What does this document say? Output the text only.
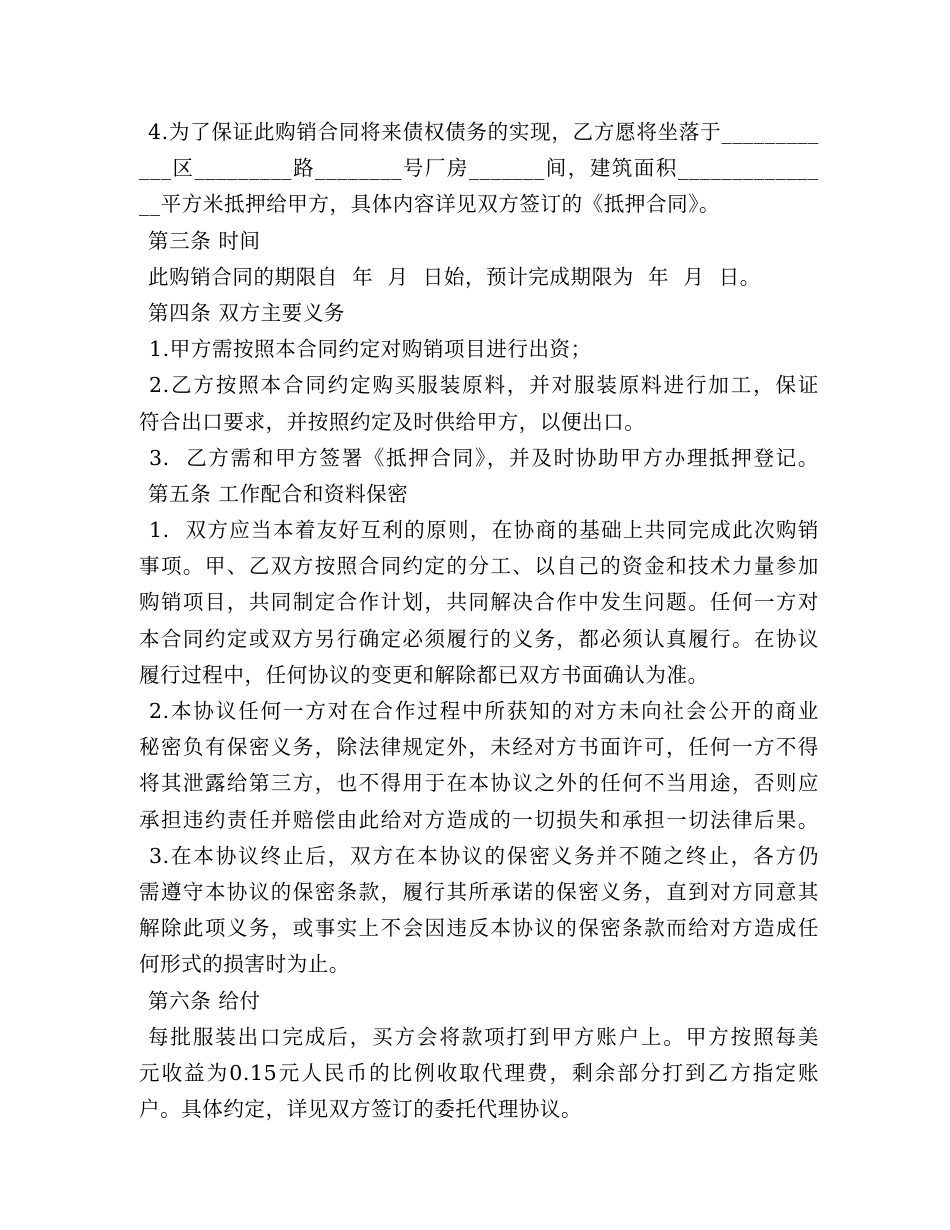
4.为了保证此购销合同将来债权债务的实现，乙方愿将坐落于_________
___区_________路________号厂房_______间，建筑面积_____________
__平方米抵押给甲方，具体内容详见双方签订的《抵押合同》。
第三条 时间
此购销合同的期限自  年  月  日始，预计完成期限为  年  月  日。
第四条 双方主要义务
1.甲方需按照本合同约定对购销项目进行出资；
2.乙方按照本合同约定购买服装原料，并对服装原料进行加工，保证
符合出口要求，并按照约定及时供给甲方，以便出口。
3.  乙方需和甲方签署《抵押合同》，并及时协助甲方办理抵押登记。
第五条 工作配合和资料保密
1.  双方应当本着友好互利的原则，在协商的基础上共同完成此次购销
事项。甲、乙双方按照合同约定的分工、以自己的资金和技术力量参加
购销项目，共同制定合作计划，共同解决合作中发生问题。任何一方对
本合同约定或双方另行确定必须履行的义务，都必须认真履行。在协议
履行过程中，任何协议的变更和解除都已双方书面确认为准。
2.本协议任何一方对在合作过程中所获知的对方未向社会公开的商业
秘密负有保密义务，除法律规定外，未经对方书面许可，任何一方不得
将其泄露给第三方，也不得用于在本协议之外的任何不当用途，否则应
承担违约责任并赔偿由此给对方造成的一切损失和承担一切法律后果。
3.在本协议终止后，双方在本协议的保密义务并不随之终止，各方仍
需遵守本协议的保密条款，履行其所承诺的保密义务，直到对方同意其
解除此项义务，或事实上不会因违反本协议的保密条款而给对方造成任
何形式的损害时为止。
第六条 给付
每批服装出口完成后，买方会将款项打到甲方账户上。甲方按照每美
元收益为0.15元人民币的比例收取代理费，剩余部分打到乙方指定账
户。具体约定，详见双方签订的委托代理协议。
